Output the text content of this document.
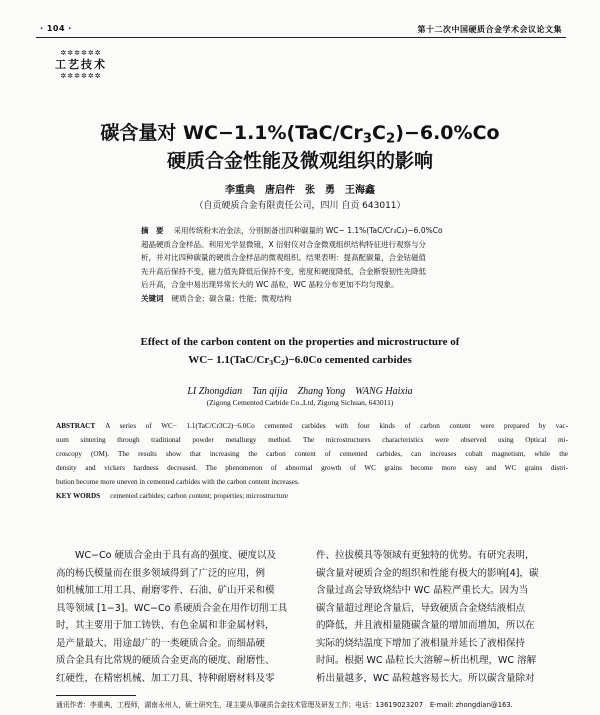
· 104 ·	第十二次中国硬质合金学术会议论文集
✲✲✲✲✲✲
工艺技术
✲✲✲✲✲✲
碳含量对 $WC-1.1\%(TaC/Cr_3C_2)-6.0\%Co$
硬质合金性能及微观组织的影响
李重典　唐启件　张　勇　王海鑫
（自贡硬质合金有限责任公司，四川 自贡 643011）
摘　要 采用传统粉末冶金法，分别制备出四种碳量的 WC− 1.1%(TaC/Cr₃C₂)−6.0%Co
超晶硬质合金样品。利用光学显微镜，X 衍射仪对合金微观组织结构特征进行观察与分
析，并对比四种碳量的硬质合金样品的微观组织。结果表明：提高配碳量，合金钴磁值
先升高后保持不变，磁力值先降低后保持不变，密度和硬度降低，合金断裂韧性先降低
后升高，合金中易出现异常长大的 WC 晶粒，WC 晶粒分布更加不均匀现象。
关键词 硬质合金；碳含量；性能；微观结构
Effect of the carbon content on the properties and microstructure of
$WC- 1.1(TaC/Cr_3C_2)-6.0Co$ cemented carbides
LI Zhongdian　Tan qijia　Zhang Yong　WANG Haixia
(Zigong Cemented Carbide Co.,Ltd, Zigong Sichuan, 643011)
ABSTRACT A series of WC− 1.1(TaC/Cr3C2)−6.0Co cemented carbides with four kinds of carbon content were prepared by vac-
uum sintering through traditional powder metallurgy method. The microstructures characteristics were observed using Optical mi-
croscopy (OM). The results show that increasing the carbon content of cemented carbides, can increases cobalt magnetism, while the
density and vickers hardness decreased. The phenomenon of abnormal growth of WC grains become more easy and WC grains distri-
bution become more uneven in cemented carbides with the carbon content increases.
KEY WORDS cemented carbides; carbon content; properties; microstructure
　　WC−Co 硬质合金由于具有高的强度、硬度以及
高的杨氏模量而在很多领域得到了广泛的应用，例
如机械加工用工具、耐磨零件、石油、矿山开采和模
具等领域 [1−3]。WC−Co 系硬质合金在用作切削工具
时，其主要用于加工铸铁、有色金属和非金属材料，
是产量最大、用途最广的一类硬质合金。而细晶硬
质合金具有比常规的硬质合金更高的硬度、耐磨性、
红硬性，在精密机械、加工刀具、特种耐磨材料及零
件、拉拔模具等领域有更独特的优势。有研究表明，
碳含量对硬质合金的组织和性能有极大的影响[4]，碳
含量过高会导致烧结中 WC 晶粒严重长大。因为当
碳含量超过理论含量后，导致硬质合金烧结液相点
的降低，并且液相量随碳含量的增加而增加，所以在
实际的烧结温度下增加了液相量并延长了液相保持
时间。根据 WC 晶粒长大溶解−析出机理，WC 溶解
析出量越多，WC 晶粒越容易长大。所以碳含量除对
通讯作者：李重典，工程师，湖南永州人，硕士研究生，现主要从事硬质合金技术管理及研发工作；电话：13619023207　E-mail: zhongdian@163.
